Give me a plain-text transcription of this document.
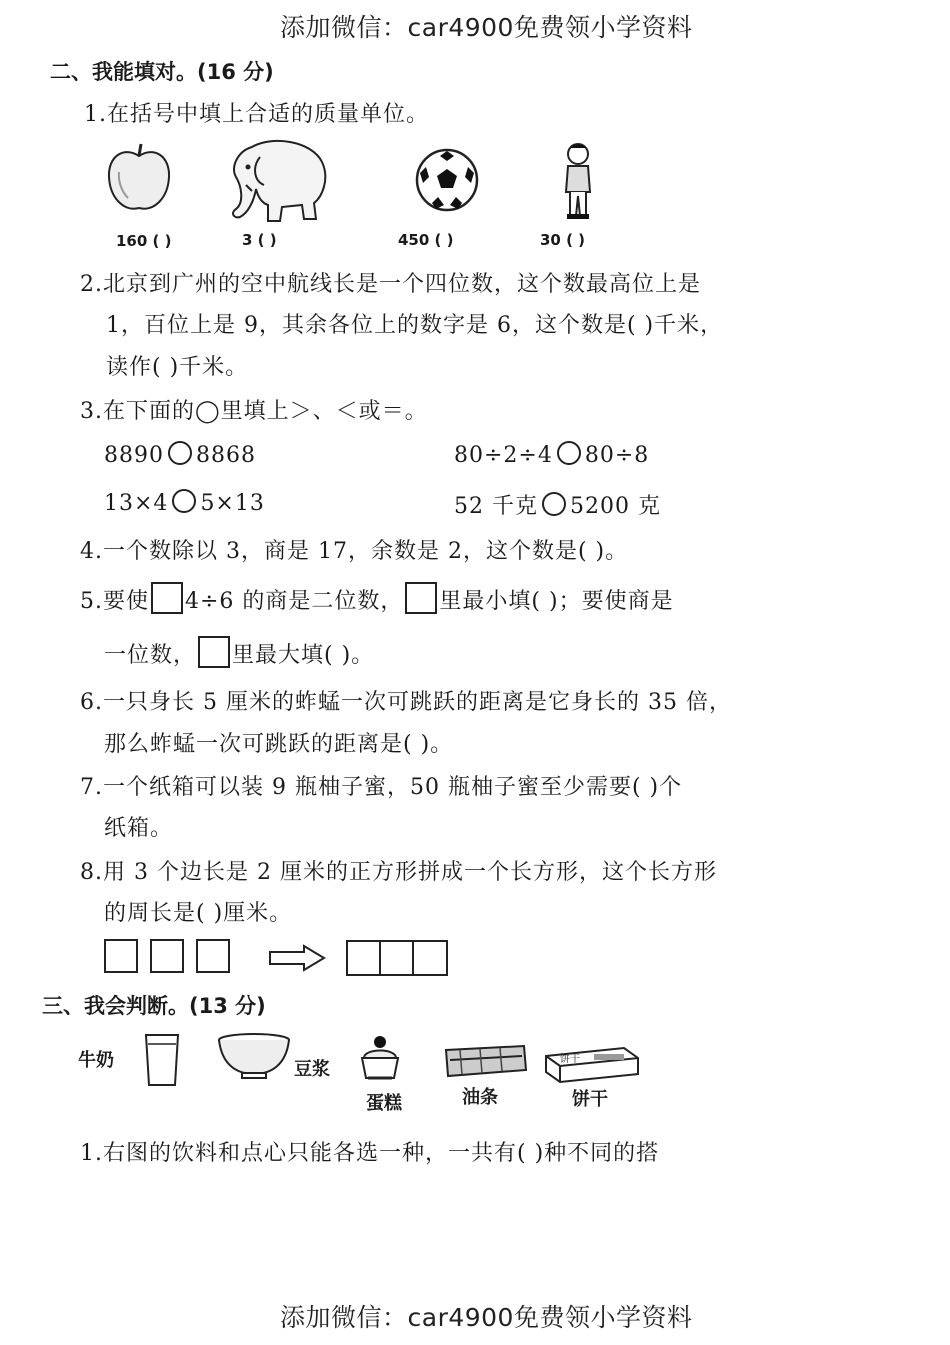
添加微信：car4900免费领小学资料
添加微信：car4900免费领小学资料
二、我能填对。(16 分)
1.在括号中填上合适的质量单位。
160 ( )	3 ( )	450 ( )	30 ( )
2.北京到广州的空中航线长是一个四位数，这个数最高位上是
1，百位上是 9，其余各位上的数字是 6，这个数是( )千米，
读作( )千米。
3.在下面的◯里填上＞、＜或＝。
8890 8868	80÷2÷4 80÷8
13×4 5×13	52 千克 5200 克
4.一个数除以 3，商是 17，余数是 2，这个数是( )。
5.要使 4÷6 的商是二位数， 里最小填( )；要使商是
一位数， 里最大填( )。
6.一只身长 5 厘米的蚱蜢一次可跳跃的距离是它身长的 35 倍，
那么蚱蜢一次可跳跃的距离是( )。
7.一个纸箱可以装 9 瓶柚子蜜，50 瓶柚子蜜至少需要( )个
纸箱。
8.用 3 个边长是 2 厘米的正方形拼成一个长方形，这个长方形
的周长是( )厘米。
三、我会判断。(13 分)
牛奶	豆浆
蛋糕	油条
饼干
饼干
1.右图的饮料和点心只能各选一种，一共有( )种不同的搭
